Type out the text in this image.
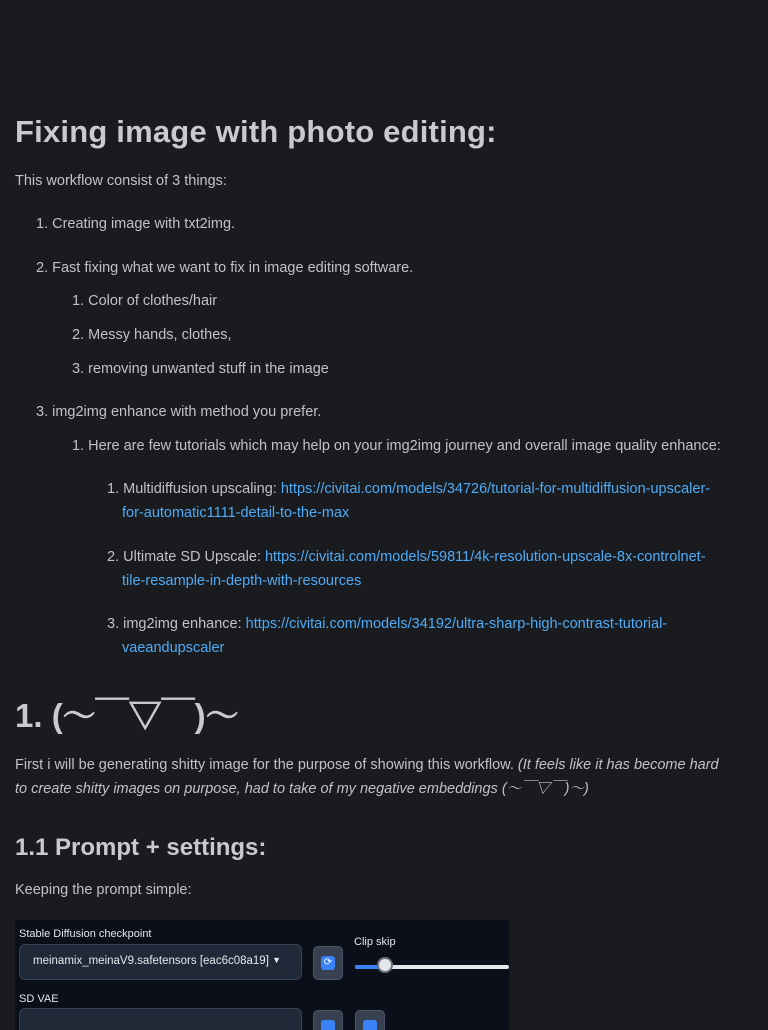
Fixing image with photo editing:
This workflow consist of 3 things:
1. Creating image with txt2img.
2. Fast fixing what we want to fix in image editing software.
1. Color of clothes/hair
2. Messy hands, clothes,
3. removing unwanted stuff in the image
3. img2img enhance with method you prefer.
1. Here are few tutorials which may help on your img2img journey and overall image quality enhance:
1. Multidiffusion upscaling: https://civitai.com/models/34726/tutorial-for-multidiffusion-upscaler-
for-automatic1111-detail-to-the-max
2. Ultimate SD Upscale: https://civitai.com/models/59811/4k-resolution-upscale-8x-controlnet-
tile-resample-in-depth-with-resources
3. img2img enhance: https://civitai.com/models/34192/ultra-sharp-high-contrast-tutorial-
vaeandupscaler
1. (〜￣▽￣)〜
First i will be generating shitty image for the purpose of showing this workflow. (It feels like it has become hard
to create shitty images on purpose, had to take of my negative embeddings (〜￣▽￣)〜)
1.1 Prompt + settings:
Keeping the prompt simple:
Stable Diffusion checkpoint
meinamix_meinaV9.safetensors [eac6c08a19] ▼	⟳
Clip skip
SD VAE
